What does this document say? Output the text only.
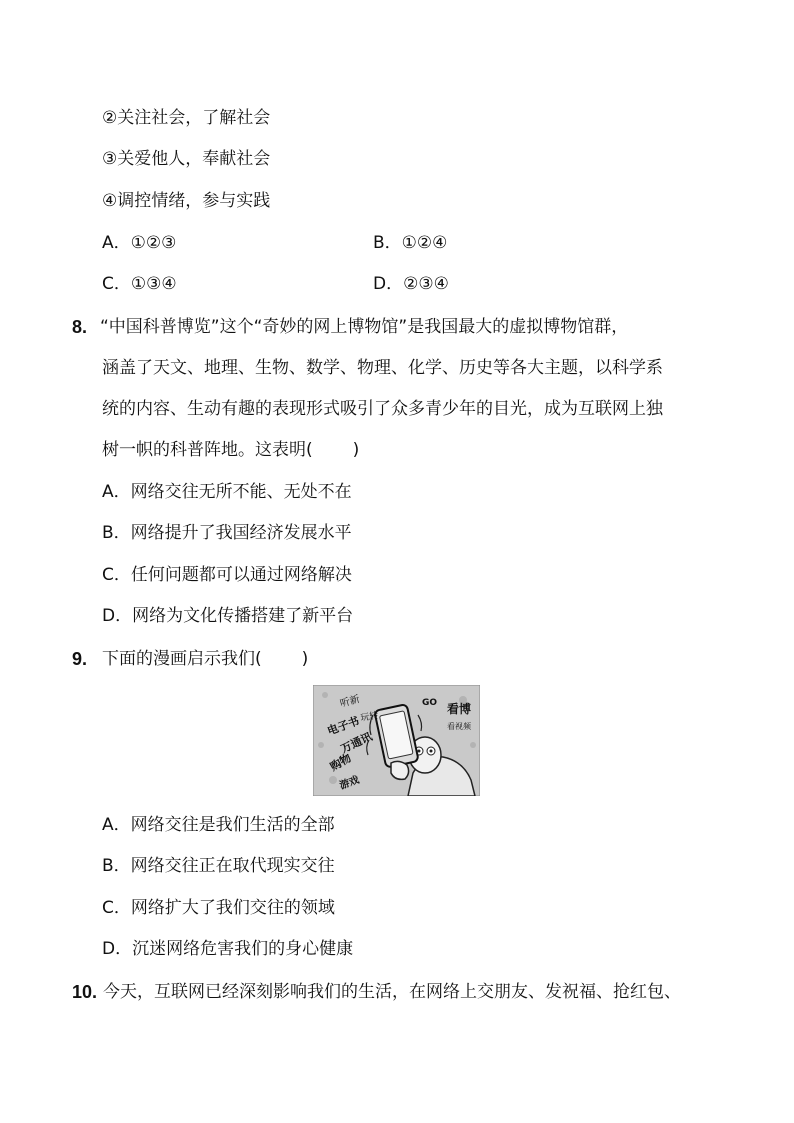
②关注社会，了解社会
③关爱他人，奉献社会
④调控情绪，参与实践
A．①②③	B．①②④
C．①③④	D．②③④
8. “中国科普博览”这个“奇妙的网上博物馆”是我国最大的虚拟博物馆群，
涵盖了天文、地理、生物、数学、物理、化学、历史等各大主题，以科学系
统的内容、生动有趣的表现形式吸引了众多青少年的目光，成为互联网上独
树一帜的科普阵地。这表明( )
A．网络交往无所不能、无处不在
B．网络提升了我国经济发展水平
C．任何问题都可以通过网络解决
D．网络为文化传播搭建了新平台
9. 下面的漫画启示我们( )
听新	GO 看博
看视频
电子书
万通讯
购物
游戏
玩转
A．网络交往是我们生活的全部
B．网络交往正在取代现实交往
C．网络扩大了我们交往的领域
D．沉迷网络危害我们的身心健康
10. 今天，互联网已经深刻影响我们的生活，在网络上交朋友、发祝福、抢红包、
